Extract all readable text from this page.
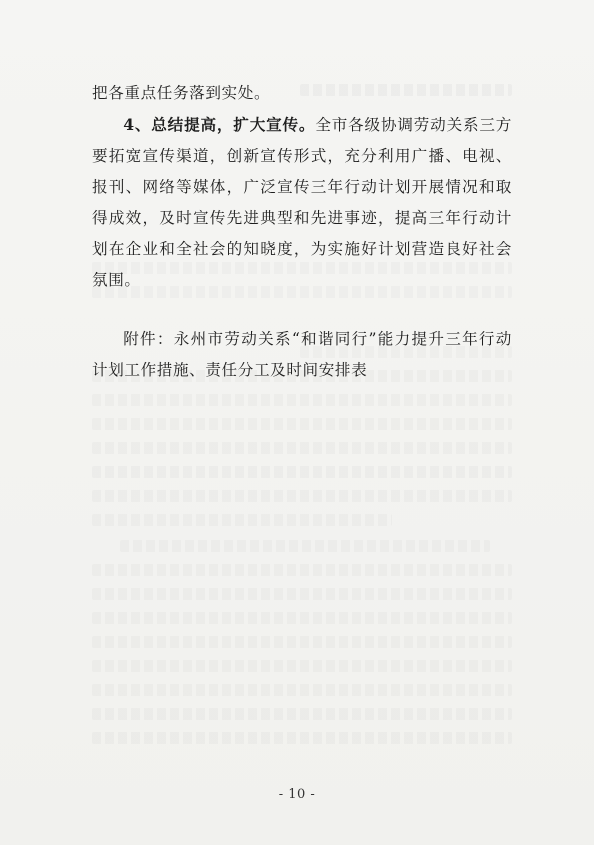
把各重点任务落到实处。

4、总结提高，扩大宣传。全市各级协调劳动关系三方要拓宽宣传渠道，创新宣传形式，充分利用广播、电视、报刊、网络等媒体，广泛宣传三年行动计划开展情况和取得成效，及时宣传先进典型和先进事迹，提高三年行动计划在企业和全社会的知晓度，为实施好计划营造良好社会氛围。

附件：永州市劳动关系“和谐同行”能力提升三年行动计划工作措施、责任分工及时间安排表

- 10 -
